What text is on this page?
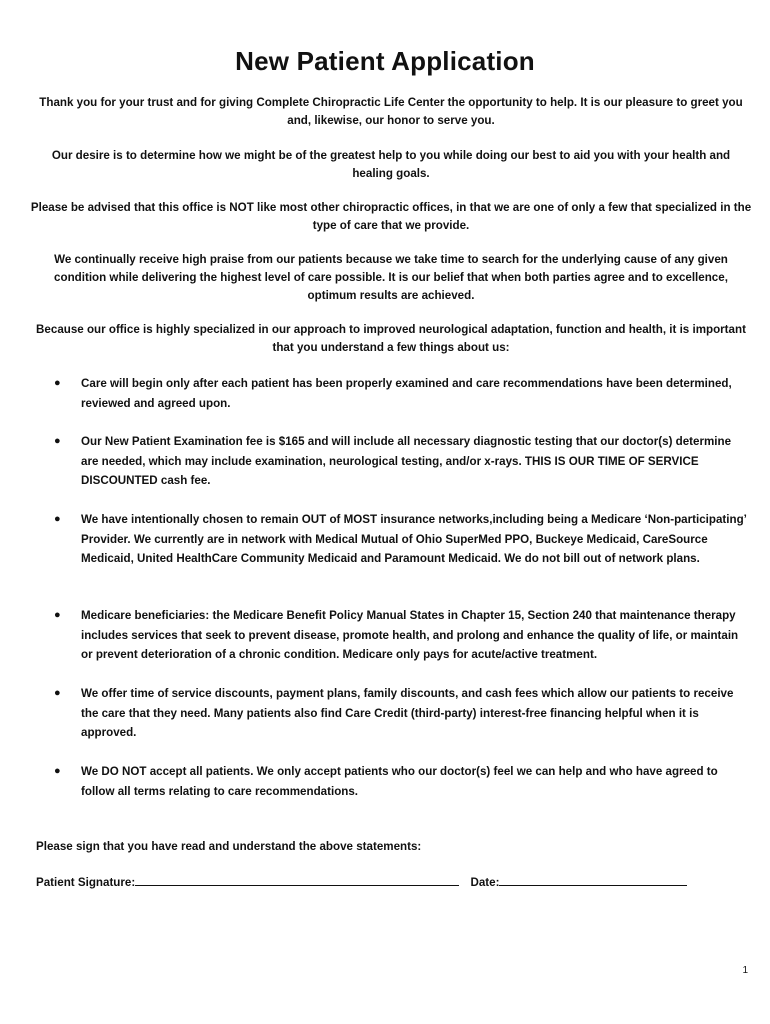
New Patient Application
Thank you for your trust and for giving Complete Chiropractic Life Center the opportunity to help. It is our pleasure to greet you and, likewise, our honor to serve you.
Our desire is to determine how we might be of the greatest help to you while doing our best to aid you with your health and healing goals.
Please be advised that this office is NOT like most other chiropractic offices, in that we are one of only a few that specialized in the type of care that we provide.
We continually receive high praise from our patients because we take time to search for the underlying cause of any given condition while delivering the highest level of care possible. It is our belief that when both parties agree and to excellence, optimum results are achieved.
Because our office is highly specialized in our approach to improved neurological adaptation, function and health, it is important that you understand a few things about us:
●	Care will begin only after each patient has been properly examined and care recommendations have been determined, reviewed and agreed upon.
●	Our New Patient Examination fee is $165 and will include all necessary diagnostic testing that our doctor(s) determine are needed, which may include examination, neurological testing, and/or x-rays. THIS IS OUR TIME OF SERVICE DISCOUNTED cash fee.
●	We have intentionally chosen to remain OUT of MOST insurance networks,including being a Medicare ‘Non-participating’ Provider. We currently are in network with Medical Mutual of Ohio SuperMed PPO, Buckeye Medicaid, CareSource Medicaid, United HealthCare Community Medicaid and Paramount Medicaid. We do not bill out of network plans.
●	Medicare beneficiaries: the Medicare Benefit Policy Manual States in Chapter 15, Section 240 that maintenance therapy includes services that seek to prevent disease, promote health, and prolong and enhance the quality of life, or maintain or prevent deterioration of a chronic condition. Medicare only pays for acute/active treatment.
●	We offer time of service discounts, payment plans, family discounts, and cash fees which allow our patients to receive the care that they need. Many patients also find Care Credit (third-party) interest-free financing helpful when it is approved.
●	We DO NOT accept all patients. We only accept patients who our doctor(s) feel we can help and who have agreed to follow all terms relating to care recommendations.
Please sign that you have read and understand the above statements:
Patient Signature:	Date:
1
